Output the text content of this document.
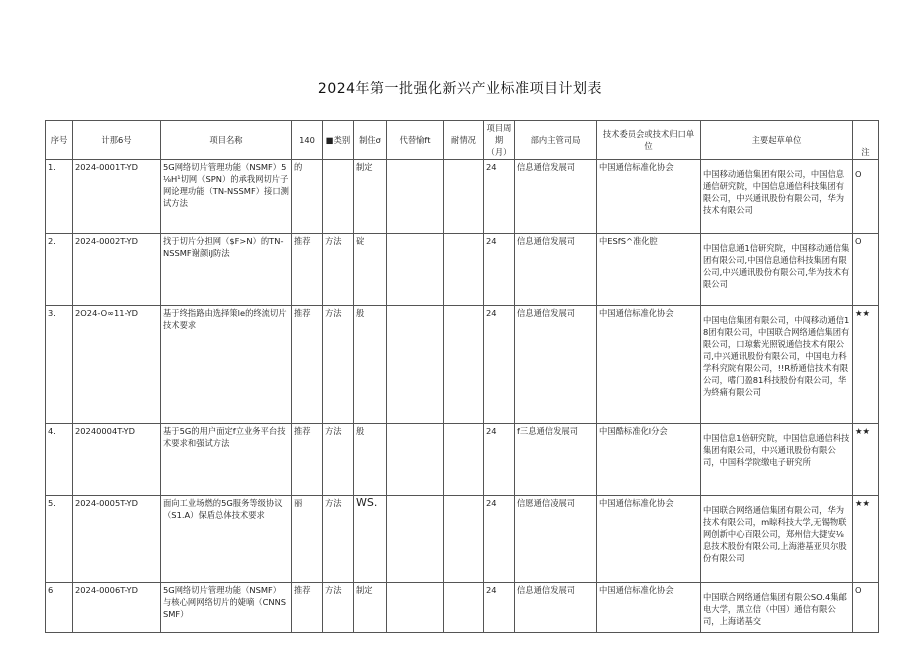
2024年第一批强化新兴产业标准项目计划表
序号	计那6号	项目名称	140	■类别	制住σ	代替愉ft	耐情况	项目周期（月）	部内主管司局	技术委员会或技术归口单位	主要起草单位	注
1.	2024-0001T-YD	5G网络切片管理功能（NSMF）5⅛H¹切网（SPN）的承我网切片子网论理功能（TN-NSSMF）接口测试方法	的		制定			24	信息通信发展司	中国通信标准化协会	中国移动通信集团有限公司，中国信息通信研究院，中国信息通信科技集团有限公司，中兴通讯股份有限公司，华为技术有限公司	O
2.	2024-0002T-YD	找于切片分担网（$F>N）的TN-NSSMF谢颜iJ防法	推荐	方法	碇			24	信息通信发展司	中ESfS^准化腔	中国信息通1信研究院，中国移动通信集团有限公司,中国信息通信科技集团有限公司,中兴通讯股份有限公司,华为技术有限公司	O
3.	2O24-O∞11-YD	基于终指路由选择策le的终流切片技术要求	推荐	方法	般			24	信息通信发展司	中国通信标准化协会	中国电信集团有限公司，中闯移动通信18团有限公司，中国联合网络通信集团有限公司，口琼紫光照锐通信技术有限公司,中兴通讯股份有限公司，中国电力科学科究院有限公司，!!R桥通信技术有限公司，嗜门盈81科技股份有限公司，华为終痛有限公司	★★
4.	20240004T-YD	基于5G的用户面定f立业务平台技术要求和强试方法	推荐	方法	般			24	f三息通信发展司	中国酷标准化l分会	中国信息1倍研究院，中国信息通信科技集团有限公司，中兴通讯股份有限公司，中国科学院缴电子研究所	★★
5.	2024-0005T-YD	面向工业场燃的5G服务等级协议（S1.A）保盾总体技术要求	丽	方法	WS.			24	信愿通信凌展司	中国通信标准化协会	中国联合网络通信集团有限公司，华为技术有限公司，m晾科技大学,无锡物联网创新中心百限公司，郑州信大捷安⅛息技术股份有限公司,上海港基亚贝尔股份有限公司	★★
6	2024-0006T-YD	5G网络切片管理功能（NSMF）与核心网网络切片的婕嘀（CNNSSMF）	推荐	方法	制定			24	信息通信发展司	中国通信标准化协会	中国联合网络通信集团有限公SO.4集邮电大学，黑立信（中国）通信有限公司，上海诺基交	O
